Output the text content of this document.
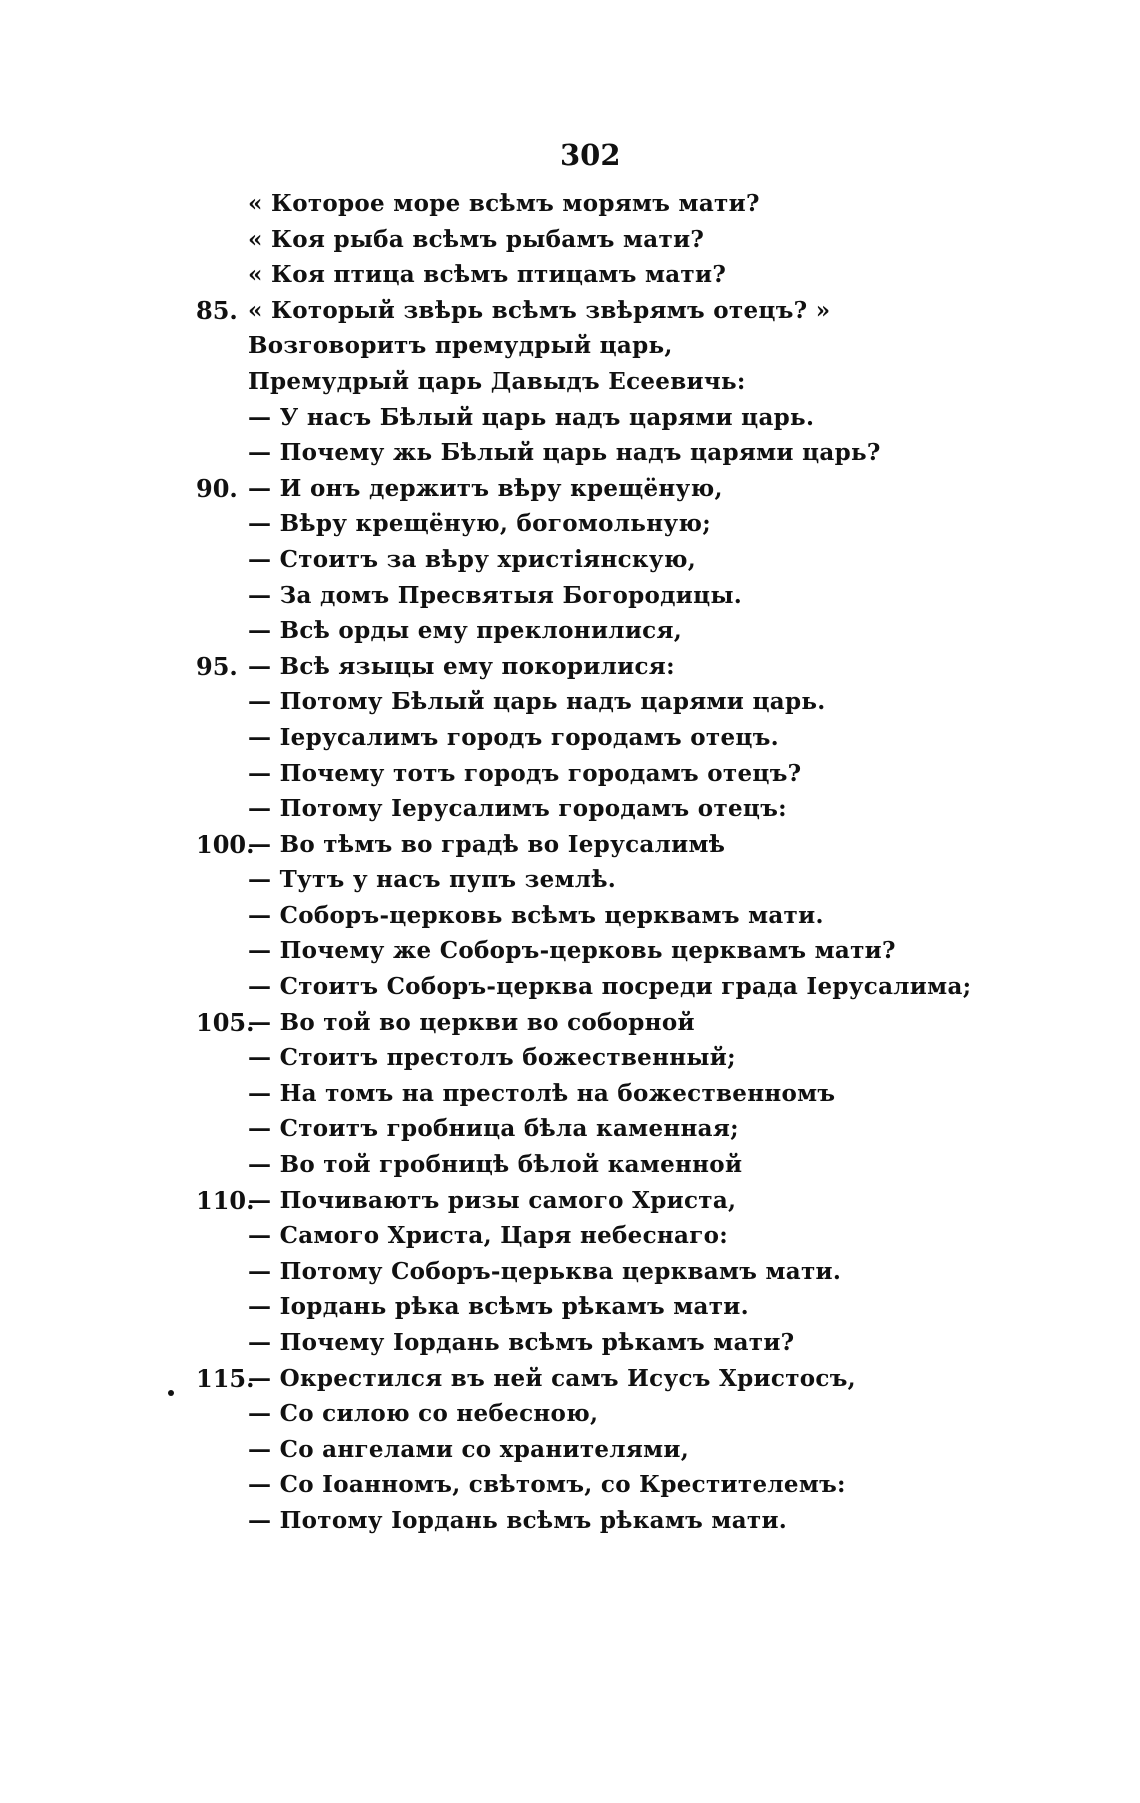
302
« Которое море всѣмъ морямъ мати?
« Коя рыба всѣмъ рыбамъ мати?
« Коя птица всѣмъ птицамъ мати?
85. « Который звѣрь всѣмъ звѣрямъ отецъ? »
Возговоритъ премудрый царь,
Премудрый царь Давыдъ Есеевичь:
— У насъ Бѣлый царь надъ царями царь.
— Почему жь Бѣлый царь надъ царями царь?
90. — И онъ держитъ вѣру крещёную,
— Вѣру крещёную, богомольную;
— Стоитъ за вѣру христiянскую,
— За домъ Пресвятыя Богородицы.
— Всѣ орды ему преклонилися,
95. — Всѣ языцы ему покорилися:
— Потому Бѣлый царь надъ царями царь.
— Iерусалимъ городъ городамъ отецъ.
— Почему тотъ городъ городамъ отецъ?
— Потому Iерусалимъ городамъ отецъ:
100.
— Во тѣмъ во градѣ во Iерусалимѣ
— Тутъ у насъ пупъ землѣ.
— Соборъ-церковь всѣмъ церквамъ мати.
— Почему же Соборъ-церковь церквамъ мати?
— Стоитъ Соборъ-церква посреди града Iерусалима;
105.
— Во той во церкви во соборной
— Стоитъ престолъ божественный;
— На томъ на престолѣ на божественномъ
— Стоитъ гробница бѣла каменная;
— Во той гробницѣ бѣлой каменной
110.
— Почиваютъ ризы самого Христа,
— Самого Христа, Царя небеснаго:
— Потому Соборъ-церьква церквамъ мати.
— Iордань рѣка всѣмъ рѣкамъ мати.
— Почему Iордань всѣмъ рѣкамъ мати?
115.
— Окрестился въ ней самъ Исусъ Христосъ,
— Со силою со небесною,
— Со ангелами со хранителями,
— Со Iоанномъ, свѣтомъ, со Крестителемъ:
— Потому Iордань всѣмъ рѣкамъ мати.
